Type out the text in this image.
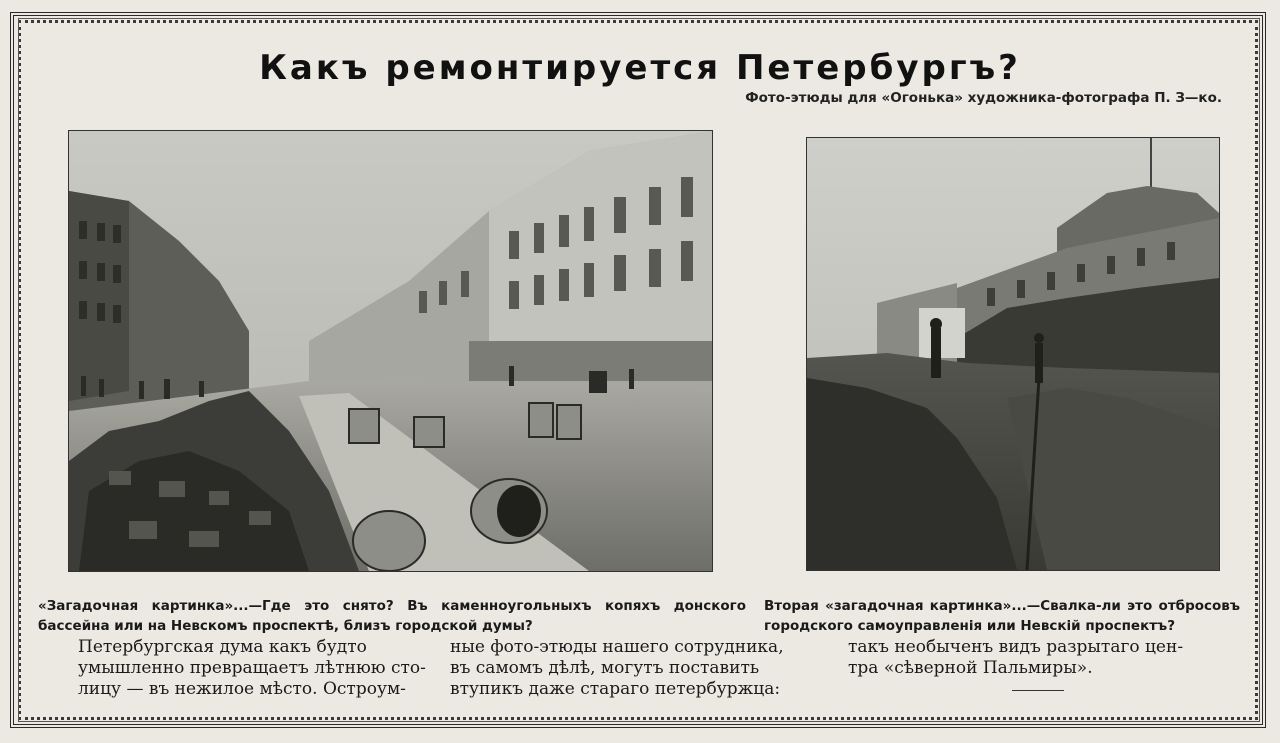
Какъ ремонтируется Петербургъ?
Фото-этюды для «Огонька» художника-фотографа П. З—ко.
«Загадочная картинка»...—Где это снято? Въ каменноугольныхъ копяхъ донского бассейна или на Невскомъ проспектѣ, близъ городской думы?
Вторая «загадочная картинка»...—Свалка-ли это отбросовъ городского самоуправленія или Невскій проспектъ?
Петербургская дума какъ будто
умышленно превращаетъ лѣтнюю сто-
лицу — въ нежилое мѣсто. Остроум-
ные фото-этюды нашего сотрудника,
въ самомъ дѣлѣ, могутъ поставить
втупикъ даже стараго петербуржца:
такъ необыченъ видъ разрытаго цен-
тра «сѣверной Пальмиры».
